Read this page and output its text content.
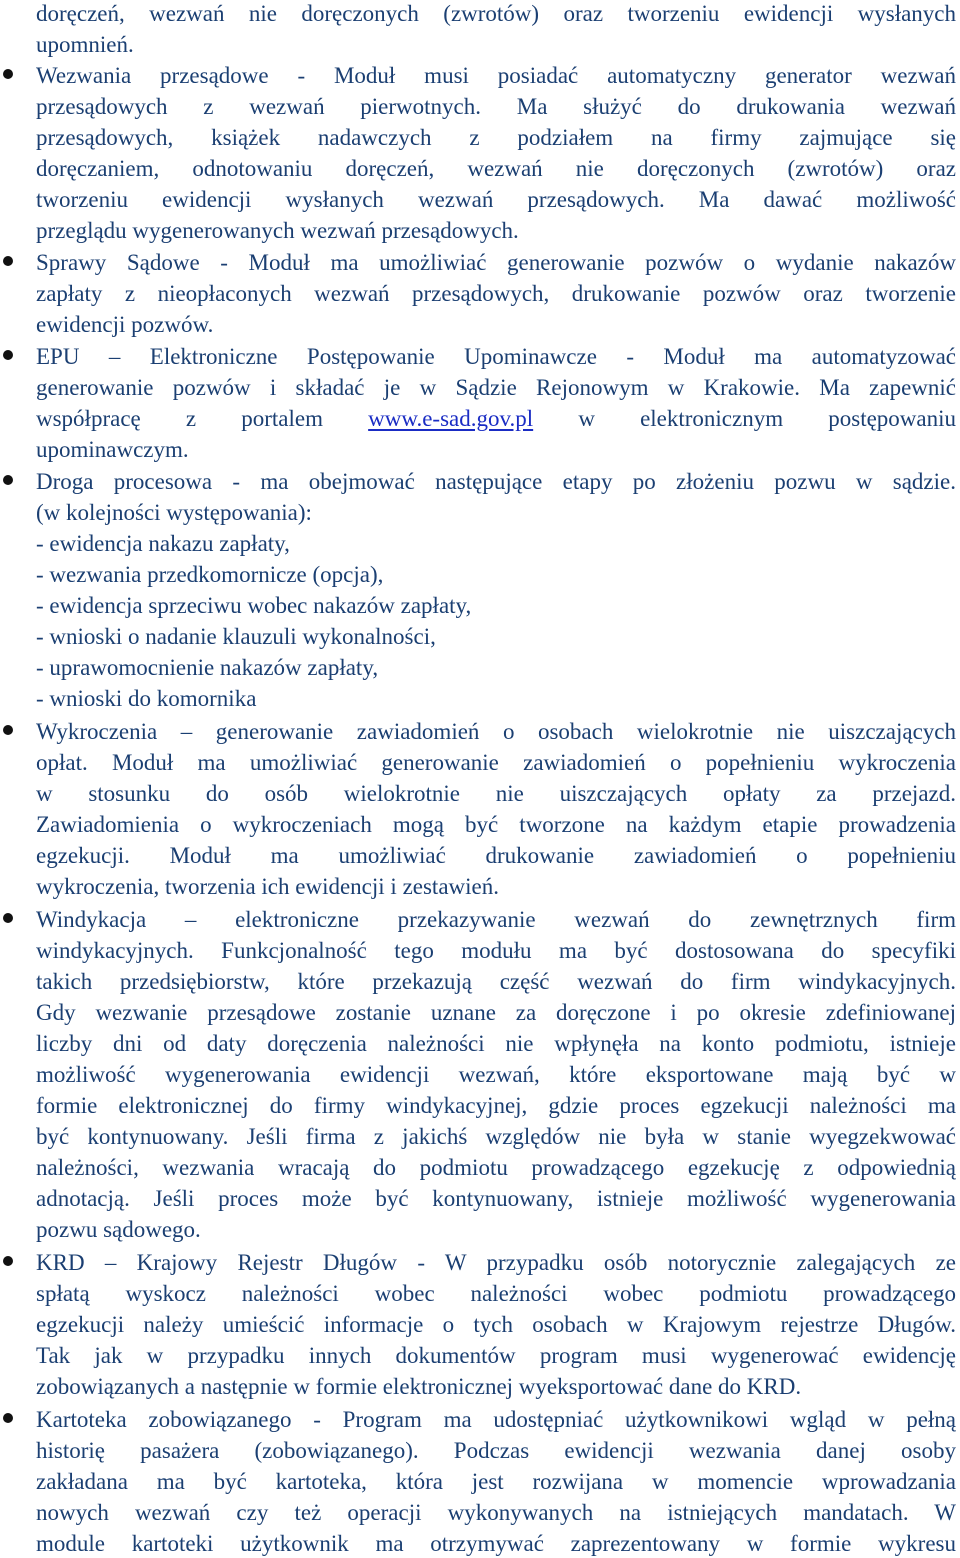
doręczeń, wezwań nie doręczonych (zwrotów) oraz tworzeniu ewidencji wysłanych
upomnień.
Wezwania przesądowe - Moduł musi posiadać automatyczny generator wezwań
przesądowych z wezwań pierwotnych. Ma służyć do drukowania wezwań
przesądowych, książek nadawczych z podziałem na firmy zajmujące się
doręczaniem, odnotowaniu doręczeń, wezwań nie doręczonych (zwrotów) oraz
tworzeniu ewidencji wysłanych wezwań przesądowych. Ma dawać możliwość
przeglądu wygenerowanych wezwań przesądowych.
Sprawy Sądowe - Moduł ma umożliwiać generowanie pozwów o wydanie nakazów
zapłaty z nieopłaconych wezwań przesądowych, drukowanie pozwów oraz tworzenie
ewidencji pozwów.
EPU – Elektroniczne Postępowanie Upominawcze - Moduł ma automatyzować
generowanie pozwów i składać je w Sądzie Rejonowym w Krakowie. Ma zapewnić
współpracę z portalem www.e-sad.gov.pl w elektronicznym postępowaniu
upominawczym.
Droga procesowa - ma obejmować następujące etapy po złożeniu pozwu w sądzie.
(w kolejności występowania):
- ewidencja nakazu zapłaty,
- wezwania przedkomornicze (opcja),
- ewidencja sprzeciwu wobec nakazów zapłaty,
- wnioski o nadanie klauzuli wykonalności,
- uprawomocnienie nakazów zapłaty,
- wnioski do komornika
Wykroczenia – generowanie zawiadomień o osobach wielokrotnie nie uiszczających
opłat. Moduł ma umożliwiać generowanie zawiadomień o popełnieniu wykroczenia
w stosunku do osób wielokrotnie nie uiszczających opłaty za przejazd.
Zawiadomienia o wykroczeniach mogą być tworzone na każdym etapie prowadzenia
egzekucji. Moduł ma umożliwiać drukowanie zawiadomień o popełnieniu
wykroczenia, tworzenia ich ewidencji i zestawień.
Windykacja – elektroniczne przekazywanie wezwań do zewnętrznych firm
windykacyjnych. Funkcjonalność tego modułu ma być dostosowana do specyfiki
takich przedsiębiorstw, które przekazują część wezwań do firm windykacyjnych.
Gdy wezwanie przesądowe zostanie uznane za doręczone i po okresie zdefiniowanej
liczby dni od daty doręczenia należności nie wpłynęła na konto podmiotu, istnieje
możliwość wygenerowania ewidencji wezwań, które eksportowane mają być w
formie elektronicznej do firmy windykacyjnej, gdzie proces egzekucji należności ma
być kontynuowany. Jeśli firma z jakichś względów nie była w stanie wyegzekwować
należności, wezwania wracają do podmiotu prowadzącego egzekucję z odpowiednią
adnotacją. Jeśli proces może być kontynuowany, istnieje możliwość wygenerowania
pozwu sądowego.
KRD – Krajowy Rejestr Długów - W przypadku osób notorycznie zalegających ze
spłatą wyskocz należności wobec należności wobec podmiotu prowadzącego
egzekucji należy umieścić informacje o tych osobach w Krajowym rejestrze Długów.
Tak jak w przypadku innych dokumentów program musi wygenerować ewidencję
zobowiązanych a następnie w formie elektronicznej wyeksportować dane do KRD.
Kartoteka zobowiązanego - Program ma udostępniać użytkownikowi wgląd w pełną
historię pasażera (zobowiązanego). Podczas ewidencji wezwania danej osoby
zakładana ma być kartoteka, która jest rozwijana w momencie wprowadzania
nowych wezwań czy też operacji wykonywanych na istniejących mandatach. W
module kartoteki użytkownik ma otrzymywać zaprezentowany w formie wykresu
